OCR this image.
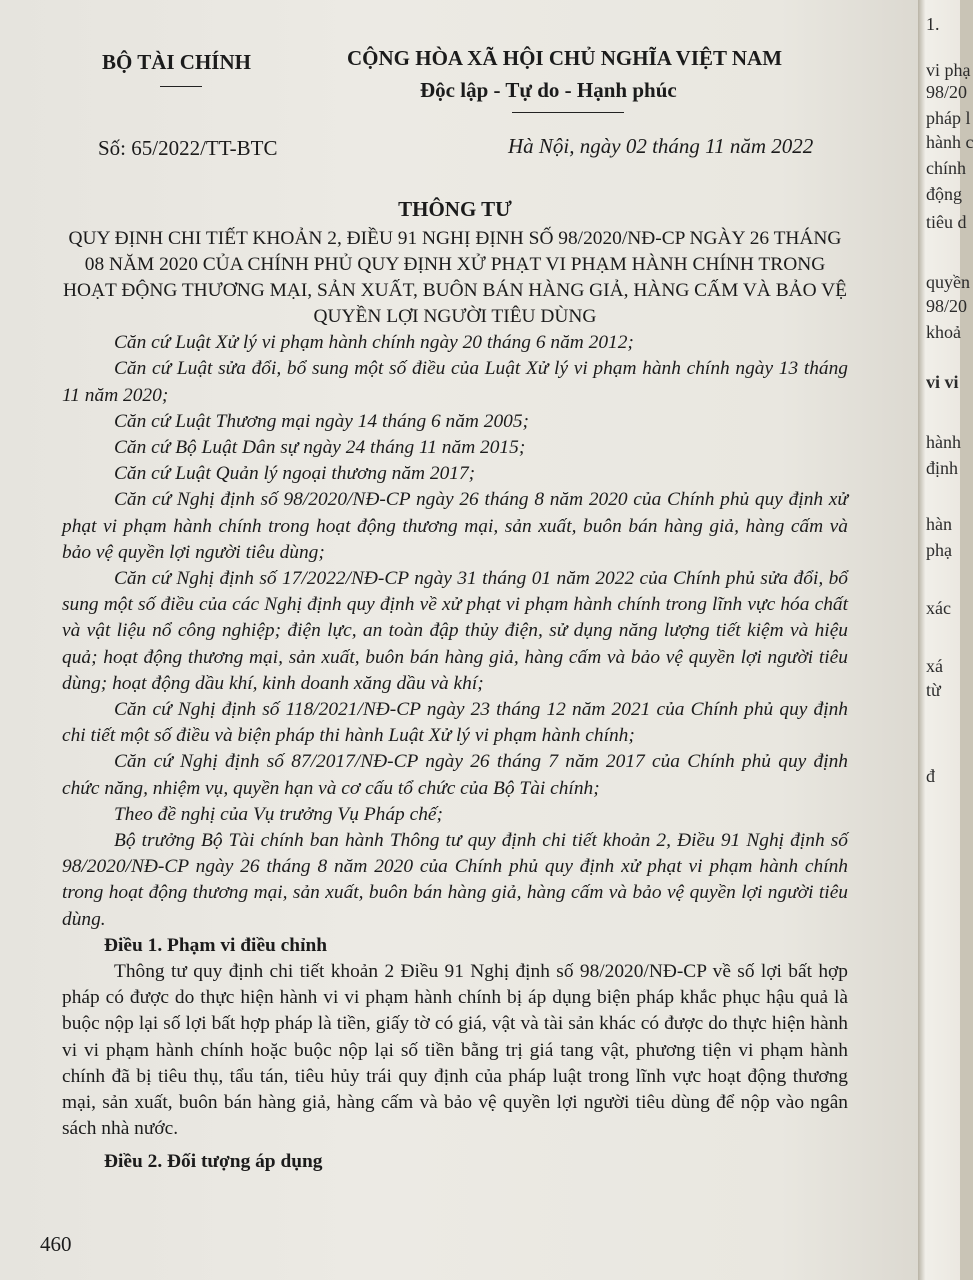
BỘ TÀI CHÍNH	CỘNG HÒA XÃ HỘI CHỦ NGHĨA VIỆT NAM
Độc lập - Tự do - Hạnh phúc
Số: 65/2022/TT-BTC	Hà Nội, ngày 02 tháng 11 năm 2022
THÔNG TƯ

QUY ĐỊNH CHI TIẾT KHOẢN 2, ĐIỀU 91 NGHỊ ĐỊNH SỐ 98/2020/NĐ-CP NGÀY 26 THÁNG 08 NĂM 2020 CỦA CHÍNH PHỦ QUY ĐỊNH XỬ PHẠT VI PHẠM HÀNH CHÍNH TRONG HOẠT ĐỘNG THƯƠNG MẠI, SẢN XUẤT, BUÔN BÁN HÀNG GIẢ, HÀNG CẤM VÀ BẢO VỆ QUYỀN LỢI NGƯỜI TIÊU DÙNG

Căn cứ Luật Xử lý vi phạm hành chính ngày 20 tháng 6 năm 2012;

Căn cứ Luật sửa đổi, bổ sung một số điều của Luật Xử lý vi phạm hành chính ngày 13 tháng 11 năm 2020;

Căn cứ Luật Thương mại ngày 14 tháng 6 năm 2005;

Căn cứ Bộ Luật Dân sự ngày 24 tháng 11 năm 2015;

Căn cứ Luật Quản lý ngoại thương năm 2017;

Căn cứ Nghị định số 98/2020/NĐ-CP ngày 26 tháng 8 năm 2020 của Chính phủ quy định xử phạt vi phạm hành chính trong hoạt động thương mại, sản xuất, buôn bán hàng giả, hàng cấm và bảo vệ quyền lợi người tiêu dùng;

Căn cứ Nghị định số 17/2022/NĐ-CP ngày 31 tháng 01 năm 2022 của Chính phủ sửa đổi, bổ sung một số điều của các Nghị định quy định về xử phạt vi phạm hành chính trong lĩnh vực hóa chất và vật liệu nổ công nghiệp; điện lực, an toàn đập thủy điện, sử dụng năng lượng tiết kiệm và hiệu quả; hoạt động thương mại, sản xuất, buôn bán hàng giả, hàng cấm và bảo vệ quyền lợi người tiêu dùng; hoạt động dầu khí, kinh doanh xăng dầu và khí;

Căn cứ Nghị định số 118/2021/NĐ-CP ngày 23 tháng 12 năm 2021 của Chính phủ quy định chi tiết một số điều và biện pháp thi hành Luật Xử lý vi phạm hành chính;

Căn cứ Nghị định số 87/2017/NĐ-CP ngày 26 tháng 7 năm 2017 của Chính phủ quy định chức năng, nhiệm vụ, quyền hạn và cơ cấu tổ chức của Bộ Tài chính;

Theo đề nghị của Vụ trưởng Vụ Pháp chế;

Bộ trưởng Bộ Tài chính ban hành Thông tư quy định chi tiết khoản 2, Điều 91 Nghị định số 98/2020/NĐ-CP ngày 26 tháng 8 năm 2020 của Chính phủ quy định xử phạt vi phạm hành chính trong hoạt động thương mại, sản xuất, buôn bán hàng giả, hàng cấm và bảo vệ quyền lợi người tiêu dùng.

Điều 1. Phạm vi điều chỉnh

Thông tư quy định chi tiết khoản 2 Điều 91 Nghị định số 98/2020/NĐ-CP về số lợi bất hợp pháp có được do thực hiện hành vi vi phạm hành chính bị áp dụng biện pháp khắc phục hậu quả là buộc nộp lại số lợi bất hợp pháp là tiền, giấy tờ có giá, vật và tài sản khác có được do thực hiện hành vi vi phạm hành chính hoặc buộc nộp lại số tiền bằng trị giá tang vật, phương tiện vi phạm hành chính đã bị tiêu thụ, tẩu tán, tiêu hủy trái quy định của pháp luật trong lĩnh vực hoạt động thương mại, sản xuất, buôn bán hàng giả, hàng cấm và bảo vệ quyền lợi người tiêu dùng để nộp vào ngân sách nhà nước.

Điều 2. Đối tượng áp dụng

460
1.
vi phạ
98/20
pháp l
hành c
chính
động
tiêu d
quyền
98/20
khoả
vi vi
hành
định
hàn
phạ
xác
xá
từ
đ
